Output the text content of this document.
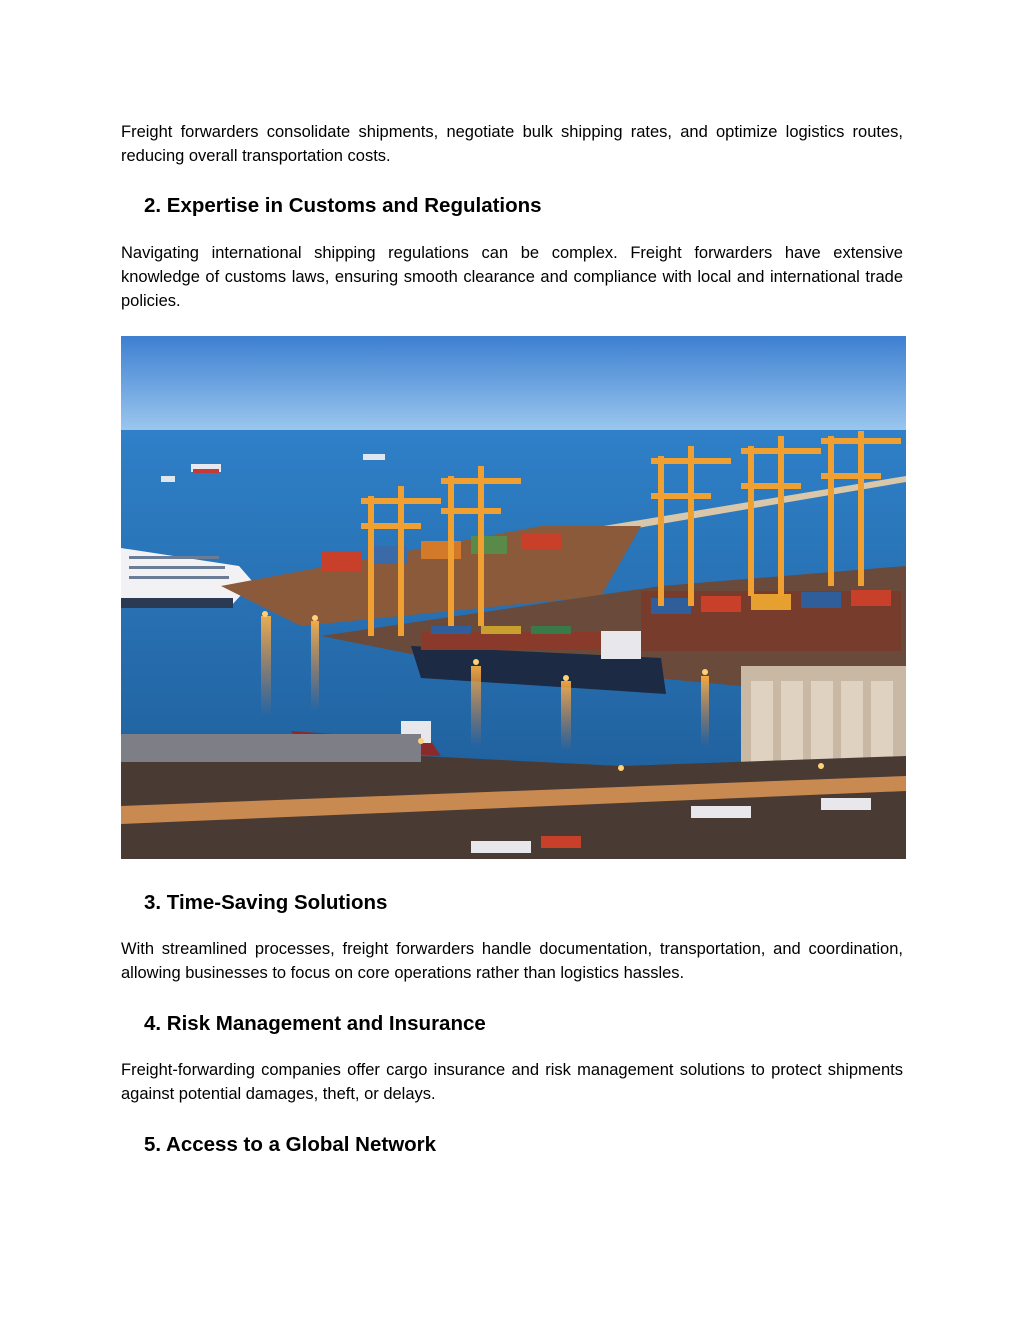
Freight forwarders consolidate shipments, negotiate bulk shipping rates, and optimize logistics routes, reducing overall transportation costs.

2. Expertise in Customs and Regulations

Navigating international shipping regulations can be complex. Freight forwarders have extensive knowledge of customs laws, ensuring smooth clearance and compliance with local and international trade policies.

3. Time-Saving Solutions

With streamlined processes, freight forwarders handle documentation, transportation, and coordination, allowing businesses to focus on core operations rather than logistics hassles.

4. Risk Management and Insurance

Freight-forwarding companies offer cargo insurance and risk management solutions to protect shipments against potential damages, theft, or delays.

5. Access to a Global Network
